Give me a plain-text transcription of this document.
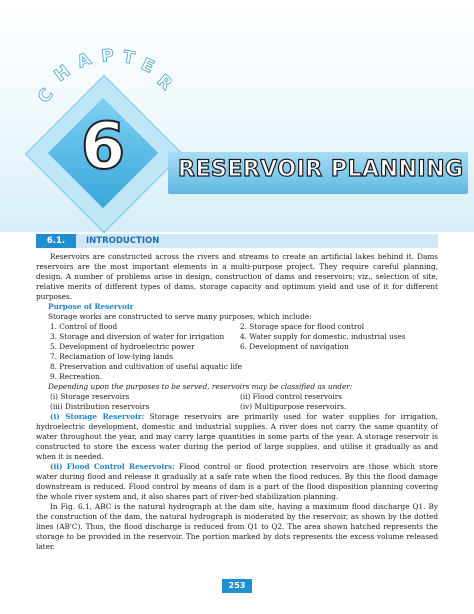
C
H
A P T E
R
6	RESERVOIR PLANNING
6.1.	INTRODUCTION

Reservoirs are constructed across the rivers and streams to create an artificial lakes behind it. Dams reservoirs are the most important elements in a multi-purpose project. They require careful planning, design. A number of problems arise in design, construction of dams and reservoirs; viz., selection of site, relative merits of different types of dams, storage capacity and optimum yield and use of it for different purposes.

Purpose of Reservoir

Storage works are constructed to serve many purposes, which include:

1. Control of flood	2. Storage space for flood control
3. Storage and diversion of water for irrigation	4. Water supply for domestic, industrial uses
5. Development of hydroelectric power	6. Development of navigation
7. Reclamation of low-lying lands
8. Preservation and cultivation of useful aquatic life
9. Recreation.

Depending upon the purposes to be served, reservoirs may be classified as under:

(i) Storage reservoirs	(ii) Flood control reservoirs
(iii) Distribution reservoirs	(iv) Multipurpose reservoirs.

(i) Storage Reservoir: Storage reservoirs are primarily used for water supplies for irrigation, hydroelectric development, domestic and industrial supplies. A river does not carry the same quantity of water throughout the year, and may carry large quantities in some parts of the year. A storage reservoir is constructed to store the excess water during the period of large supplies, and utilise it gradually as and when it is needed.

(ii) Flood Control Reservoirs: Flood control or flood protection reservoirs are those which store water during flood and release it gradually at a safe rate when the flood reduces. By this the flood damage downstream is reduced. Flood control by means of dam is a part of the flood disposition planning covering the whole river system and, it also shares part of river-bed stabilization planning.

In Fig. 6.1, ABC is the natural hydrograph at the dam site, having a maximum flood discharge Q1. By the construction of the dam, the natural hydrograph is moderated by the reservoir, as shown by the dotted lines (AB'C). Thus, the flood discharge is reduced from Q1 to Q2. The area shown hatched represents the storage to be provided in the reservoir. The portion marked by dots represents the excess volume released later.

253
